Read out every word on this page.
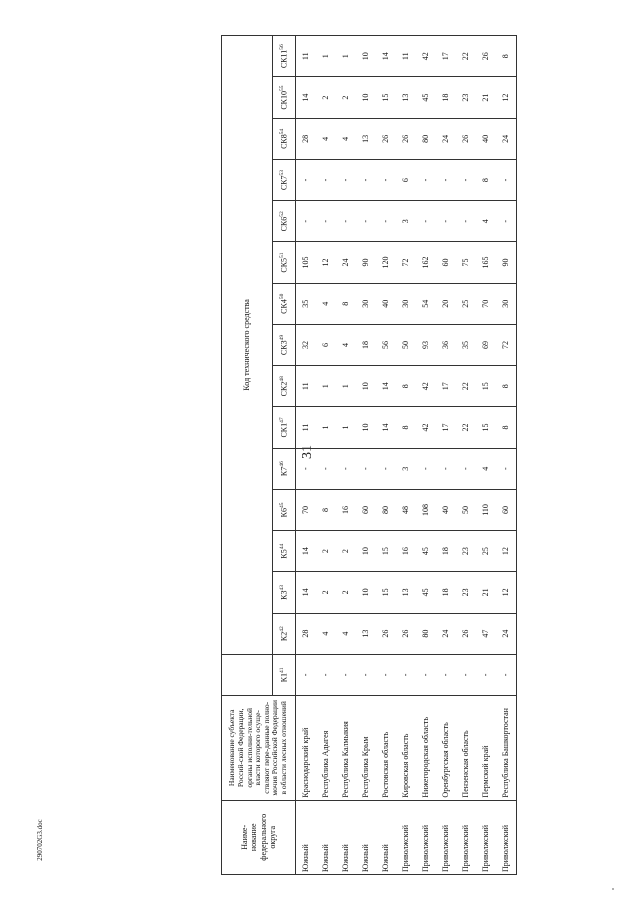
31
Наиме-
нование
федерального
округа	Наименование субъекта Россий-ской Федерации, органы исполни-тельной власти которого осуще-ствляют пере-данные полно-мочия Российской Федерации в области лесных отношений		Код технического средства														
		$К1^{41}$	$К2^{42}$	$К3^{43}$	$К5^{44}$	$К6^{45}$	$К7^{46}$	$СК1^{47}$	$СК2^{48}$	$СК3^{49}$	$СК4^{50}$	$СК5^{51}$	$СК6^{52}$	$СК7^{53}$	$СК8^{54}$	$СК10^{55}$	$СК11^{56}$
Южный	Краснодарский край	-	28	14	14	70	-	11	11	32	35	105	-	-	28	14	11
Южный	Республика Адыгея	-	4	2	2	8	-	1	1	6	4	12	-	-	4	2	1
Южный	Республика Калмыкия	-	4	2	2	16	-	1	1	4	8	24	-	-	4	2	1
Южный	Республика Крым	-	13	10	10	60	-	10	10	18	30	90	-	-	13	10	10
Южный	Ростовская область	-	26	15	15	80	-	14	14	56	40	120	-	-	26	15	14
Приволжский	Кировская область	-	26	13	16	48	3	8	8	50	30	72	3	6	26	13	11
Приволжский	Нижегородская область	-	80	45	45	108	-	42	42	93	54	162	-	-	80	45	42
Приволжский	Оренбургская область	-	24	18	18	40	-	17	17	36	20	60	-	-	24	18	17
Приволжский	Пензенская область	-	26	23	23	50	-	22	22	35	25	75	-	-	26	23	22
Приволжский	Пермский край	-	47	21	25	110	4	15	15	69	70	165	4	8	40	21	26
Приволжский	Республика Башкортостан	-	24	12	12	60	-	8	8	72	30	90	-	-	24	12	8
290702G3.doc
